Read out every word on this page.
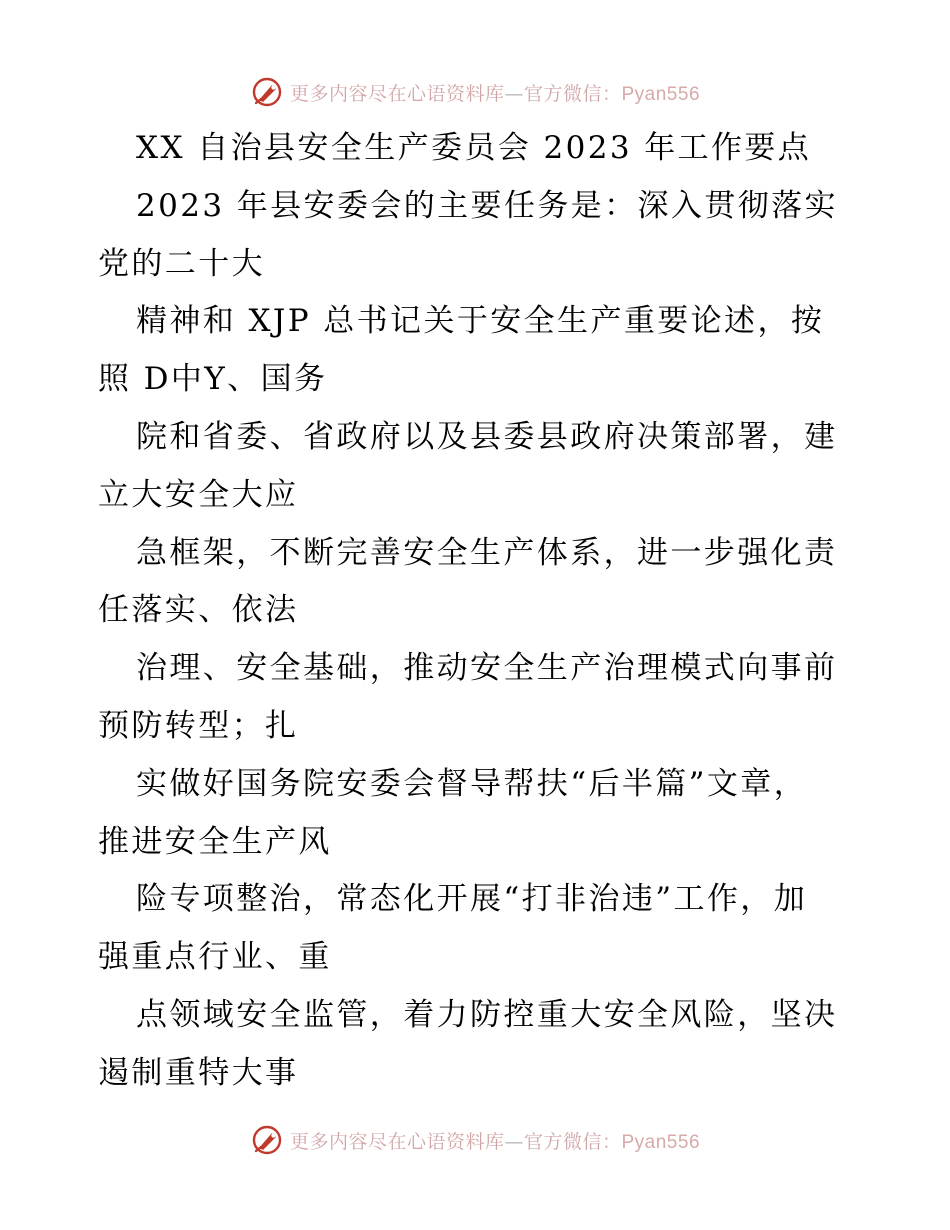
更多内容尽在心语资料库—官方微信：Pyan556
XX 自治县安全生产委员会 2023 年工作要点
2023 年县安委会的主要任务是：深入贯彻落实
党的二十大
精神和 XJP 总书记关于安全生产重要论述，按
照 D中Y、国务
院和省委、省政府以及县委县政府决策部署，建
立大安全大应
急框架，不断完善安全生产体系，进一步强化责
任落实、依法
治理、安全基础，推动安全生产治理模式向事前
预防转型；扎
实做好国务院安委会督导帮扶“后半篇”文章，
推进安全生产风
险专项整治，常态化开展“打非治违”工作，加
强重点行业、重
点领域安全监管，着力防控重大安全风险，坚决
遏制重特大事
更多内容尽在心语资料库—官方微信：Pyan556
